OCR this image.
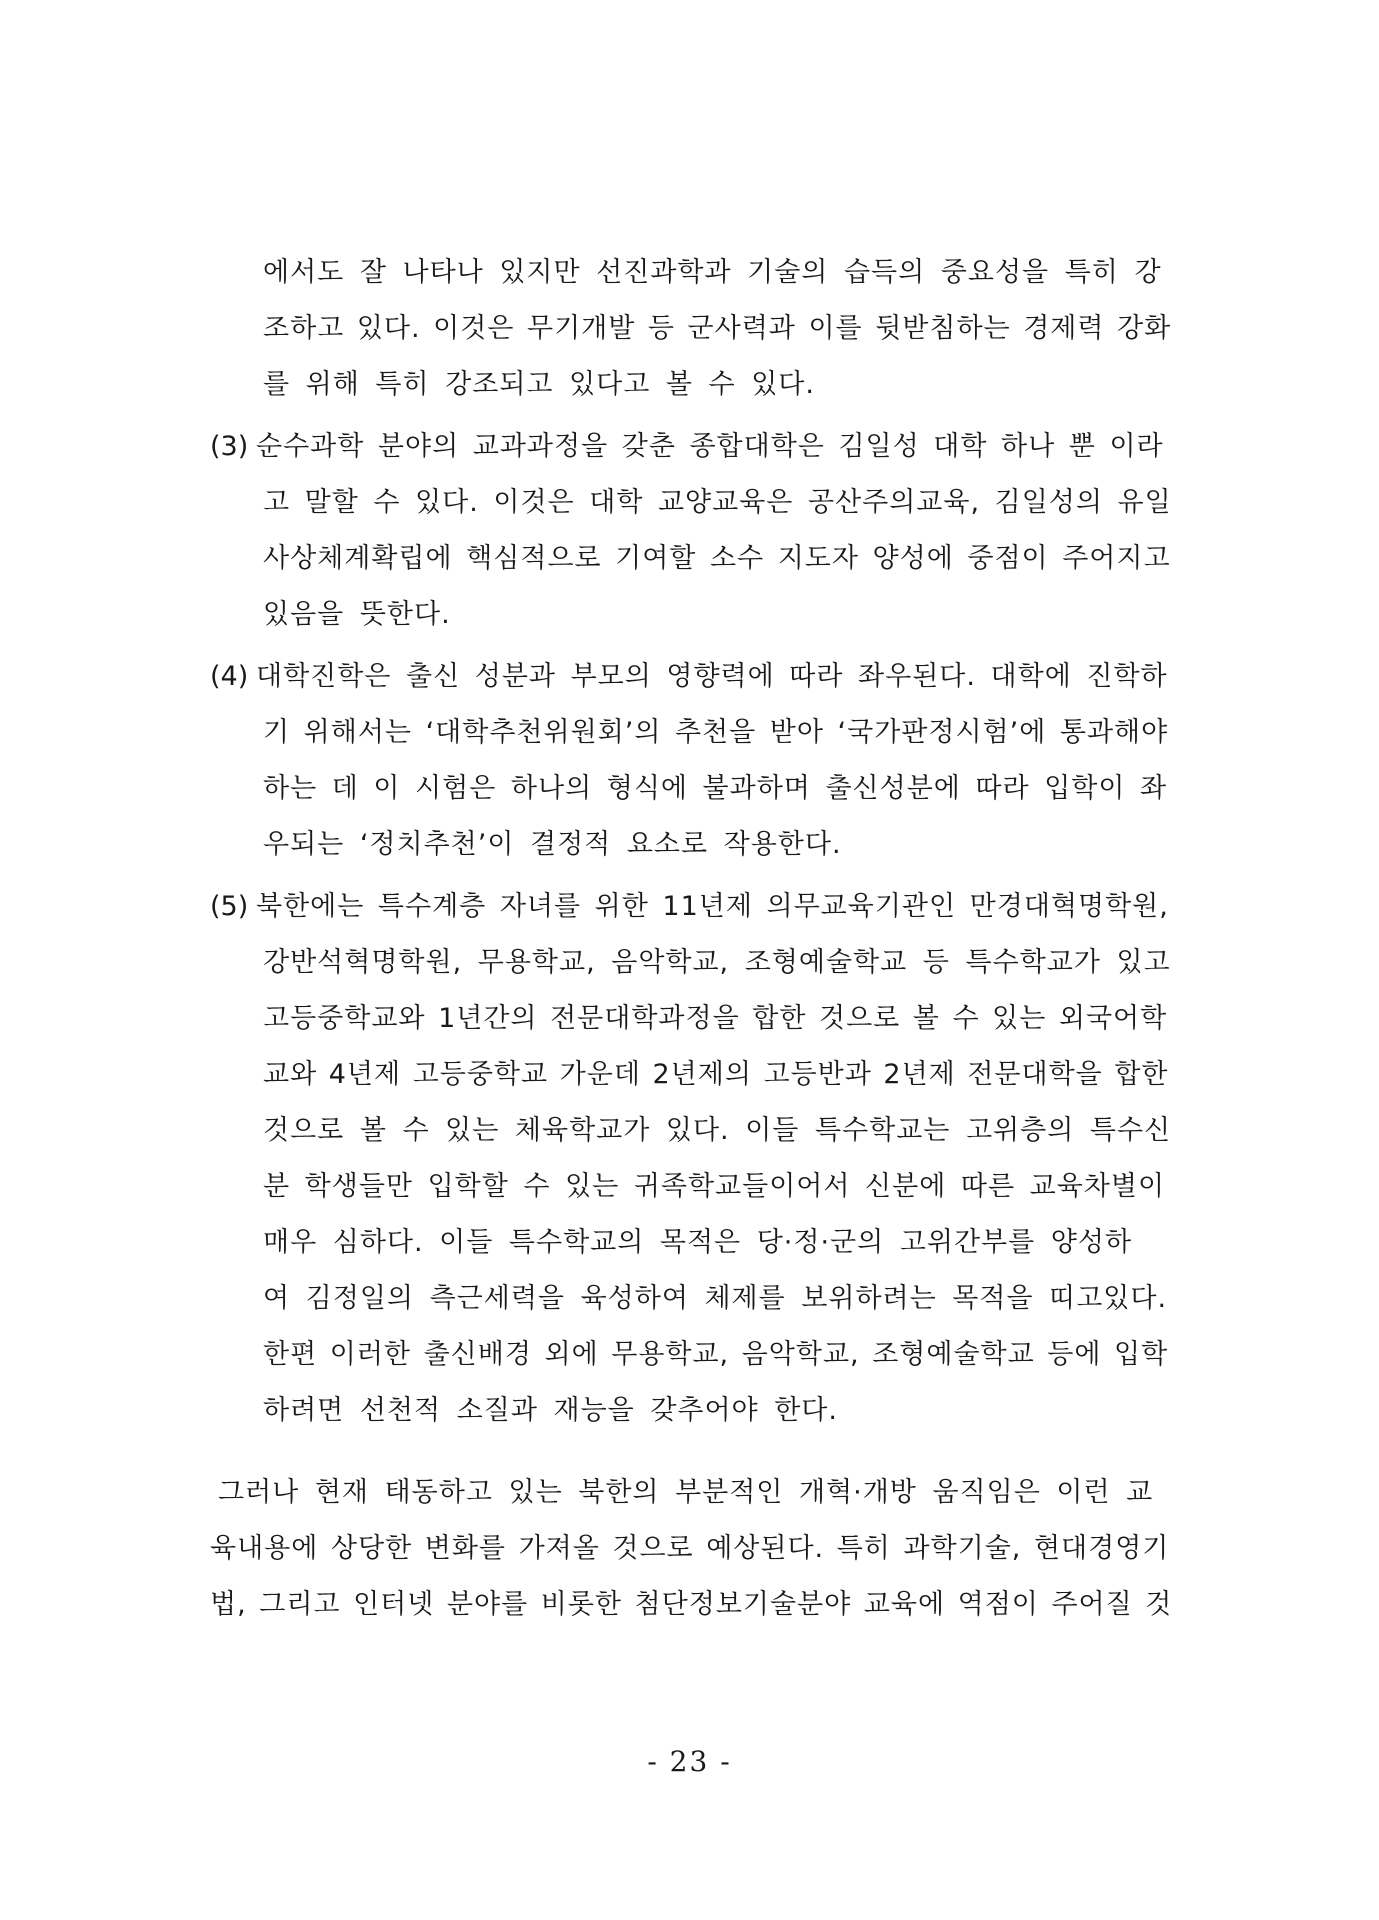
에서도 잘 나타나 있지만 선진과학과 기술의 습득의 중요성을 특히 강
조하고 있다. 이것은 무기개발 등 군사력과 이를 뒷받침하는 경제력 강화
를 위해 특히 강조되고 있다고 볼 수 있다.
(3) 순수과학 분야의 교과과정을 갖춘 종합대학은 김일성 대학 하나 뿐 이라
고 말할 수 있다. 이것은 대학 교양교육은 공산주의교육, 김일성의 유일
사상체계확립에 핵심적으로 기여할 소수 지도자 양성에 중점이 주어지고
있음을 뜻한다.
(4) 대학진학은 출신 성분과 부모의 영향력에 따라 좌우된다. 대학에 진학하
기 위해서는 ‘대학추천위원회’의 추천을 받아 ‘국가판정시험’에 통과해야
하는 데 이 시험은 하나의 형식에 불과하며 출신성분에 따라 입학이 좌
우되는 ‘정치추천’이 결정적 요소로 작용한다.
(5) 북한에는 특수계층 자녀를 위한 11년제 의무교육기관인 만경대혁명학원,
강반석혁명학원, 무용학교, 음악학교, 조형예술학교 등 특수학교가 있고
고등중학교와 1년간의 전문대학과정을 합한 것으로 볼 수 있는 외국어학
교와 4년제 고등중학교 가운데 2년제의 고등반과 2년제 전문대학을 합한
것으로 볼 수 있는 체육학교가 있다. 이들 특수학교는 고위층의 특수신
분 학생들만 입학할 수 있는 귀족학교들이어서 신분에 따른 교육차별이
매우 심하다. 이들 특수학교의 목적은 당·정·군의 고위간부를 양성하
여 김정일의 측근세력을 육성하여 체제를 보위하려는 목적을 띠고있다.
한편 이러한 출신배경 외에 무용학교, 음악학교, 조형예술학교 등에 입학
하려면 선천적 소질과 재능을 갖추어야 한다.
그러나 현재 태동하고 있는 북한의 부분적인 개혁·개방 움직임은 이런 교
육내용에 상당한 변화를 가져올 것으로 예상된다. 특히 과학기술, 현대경영기
법, 그리고 인터넷 분야를 비롯한 첨단정보기술분야 교육에 역점이 주어질 것
- 23 -
